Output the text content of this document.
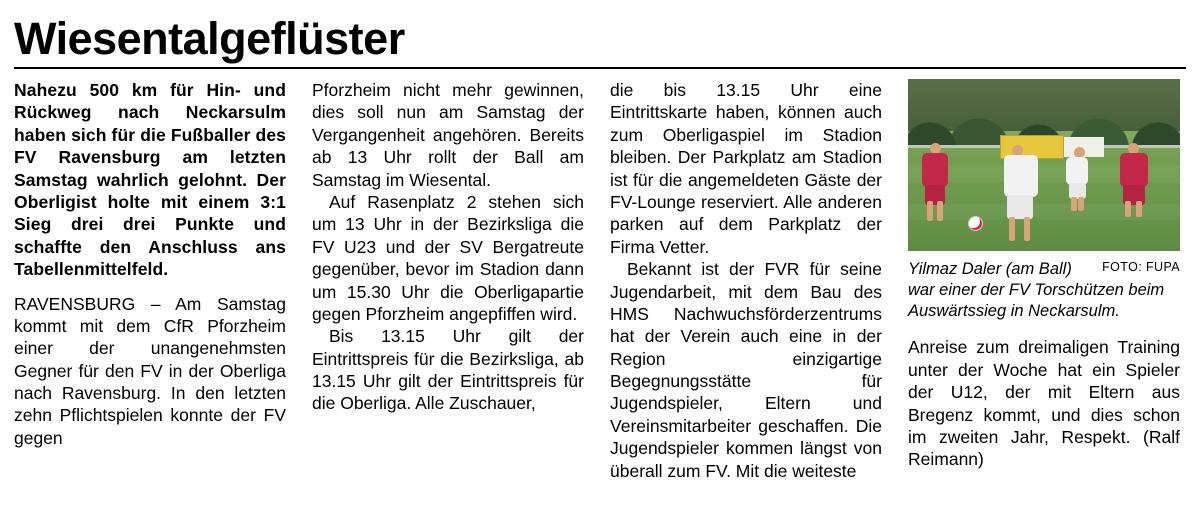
Wiesentalgeflüster

Nahezu 500 km für Hin- und Rückweg nach Neckarsulm haben sich für die Fußballer des FV Ravensburg am letzten Samstag wahrlich gelohnt. Der Oberligist holte mit einem 3:1 Sieg drei drei Punkte und schaffte den Anschluss ans Tabellenmittelfeld.

RAVENSBURG – Am Samstag kommt mit dem CfR Pforzheim einer der unangenehmsten Gegner für den FV in der Oberliga nach Ravensburg. In den letzten zehn Pflichtspielen konnte der FV gegen

Pforzheim nicht mehr gewinnen, dies soll nun am Samstag der Vergangenheit angehören. Bereits ab 13 Uhr rollt der Ball am Samstag im Wiesental.

Auf Rasenplatz 2 stehen sich um 13 Uhr in der Bezirksliga die FV U23 und der SV Bergatreute gegenüber, bevor im Stadion dann um 15.30 Uhr die Oberligapartie gegen Pforzheim angepfiffen wird.

Bis 13.15 Uhr gilt der Eintrittspreis für die Bezirksliga, ab 13.15 Uhr gilt der Eintrittspreis für die Oberliga. Alle Zuschauer,

die bis 13.15 Uhr eine Eintrittskarte haben, können auch zum Oberligaspiel im Stadion bleiben. Der Parkplatz am Stadion ist für die angemeldeten Gäste der FV-Lounge reserviert. Alle anderen parken auf dem Parkplatz der Firma Vetter.

Bekannt ist der FVR für seine Jugendarbeit, mit dem Bau des HMS Nachwuchsförderzentrums hat der Verein auch eine in der Region einzigartige Begegnungsstätte für Jugendspieler, Eltern und Vereinsmitarbeiter geschaffen. Die Jugendspieler kommen längst von überall zum FV. Mit die weiteste

FOTO: FUPA
Yilmaz Daler (am Ball) war einer der FV Torschützen beim Auswärtssieg in Neckarsulm.

Anreise zum dreimaligen Training unter der Woche hat ein Spieler der U12, der mit Eltern aus Bregenz kommt, und dies schon im zweiten Jahr, Respekt. (Ralf Reimann)
